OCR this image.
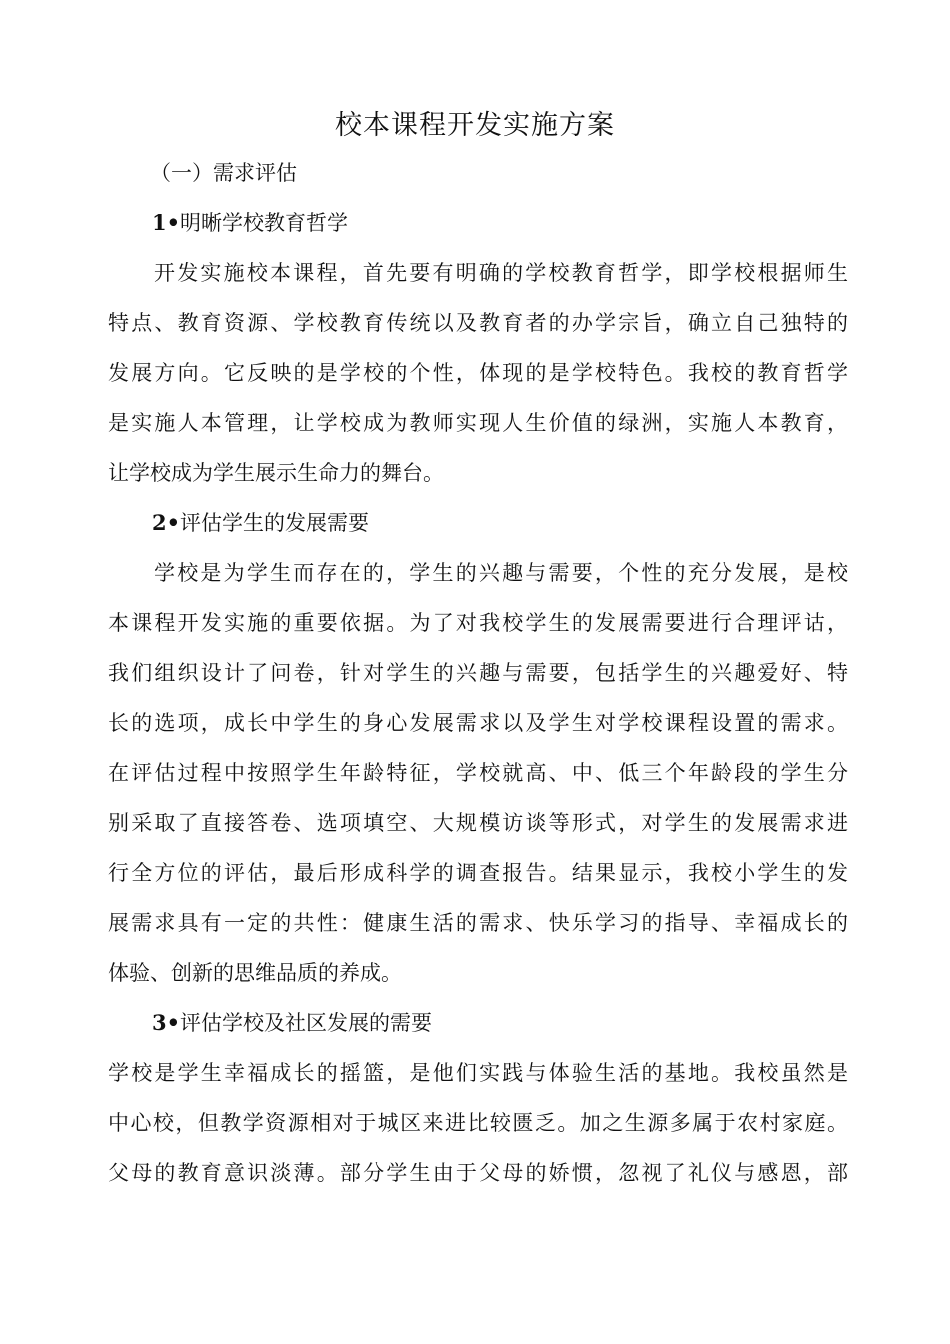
校本课程开发实施方案
（一）需求评估
1•明晰学校教育哲学
开发实施校本课程，首先要有明确的学校教育哲学，即学校根据师生
特点、教育资源、学校教育传统以及教育者的办学宗旨，确立自己独特的
发展方向。它反映的是学校的个性，体现的是学校特色。我校的教育哲学
是实施人本管理，让学校成为教师实现人生价值的绿洲，实施人本教育，
让学校成为学生展示生命力的舞台。
2•评估学生的发展需要
学校是为学生而存在的，学生的兴趣与需要，个性的充分发展，是校
本课程开发实施的重要依据。为了对我校学生的发展需要进行合理评诂，
我们组织设计了问卷，针对学生的兴趣与需要，包括学生的兴趣爱好、特
长的选项，成长中学生的身心发展需求以及学生对学校课程设置的需求。
在评估过程中按照学生年龄特征，学校就高、中、低三个年龄段的学生分
别采取了直接答卷、选项填空、大规模访谈等形式，对学生的发展需求进
行全方位的评估，最后形成科学的调查报告。结果显示，我校小学生的发
展需求具有一定的共性：健康生活的需求、快乐学习的指导、幸福成长的
体验、创新的思维品质的养成。
3•评估学校及社区发展的需要
学校是学生幸福成长的摇篮，是他们实践与体验生活的基地。我校虽然是
中心校，但教学资源相对于城区来进比较匮乏。加之生源多属于农村家庭。
父母的教育意识淡薄。部分学生由于父母的娇惯，忽视了礼仪与感恩，部
